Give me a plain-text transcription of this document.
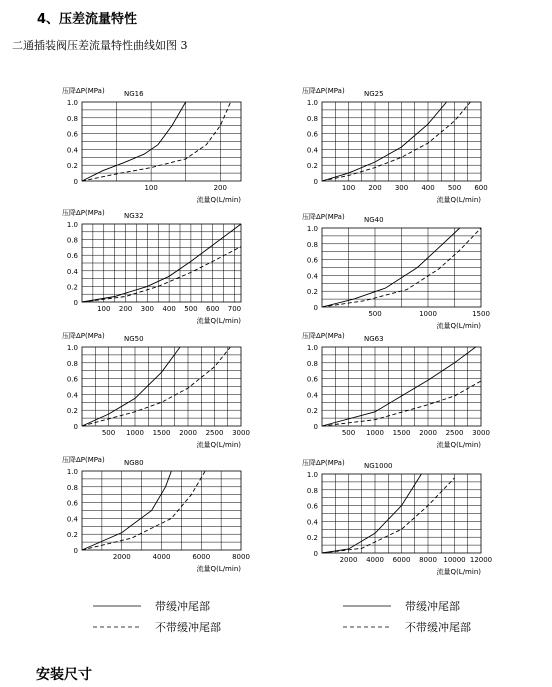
4、压差流量特性
二通插装阀压差流量特性曲线如图 3
0
0.2
0.4
0.6
0.8
1.0
100	200
压降ΔP(MPa)	NG16
流量Q(L/min)
0
0.2
0.4
0.6
0.8
1.0
100 200 300 400 500 600
压降ΔP(MPa)	NG25
流量Q(L/min)
0
0.2
0.4
0.6
0.8
1.0
100 200 300 400 500 600 700
压降ΔP(MPa)	NG32
流量Q(L/min)
0
0.2
0.4
0.6
0.8
1.0
500	1000	1500
压降ΔP(MPa)	NG40
流量Q(L/min)
0
0.2
0.4
0.6
0.8
1.0
500 1000 1500 2000 2500 3000
压降ΔP(MPa)	NG50
流量Q(L/min)
0
0.2
0.4
0.6
0.8
1.0
500 1000 1500 2000 2500 3000
压降ΔP(MPa)	NG63
流量Q(L/min)
0
0.2
0.4
0.6
0.8
1.0
2000	4000	6000	8000
压降ΔP(MPa)	NG80
流量Q(L/min)
0
0.2
0.4
0.6
0.8
1.0
2000 4000 6000 8000 10000 12000
压降ΔP(MPa)	NG1000
流量Q(L/min)
带缓冲尾部
不带缓冲尾部
带缓冲尾部
不带缓冲尾部
安装尺寸
